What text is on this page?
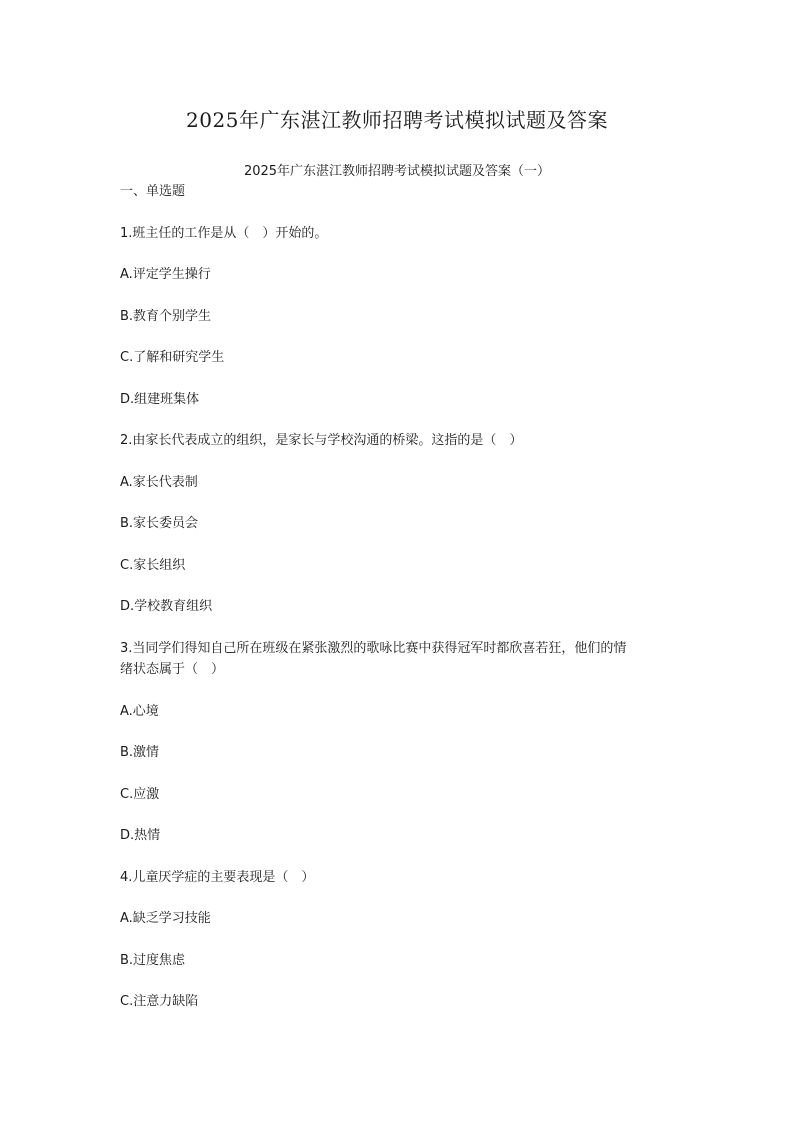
2025年广东湛江教师招聘考试模拟试题及答案
2025年广东湛江教师招聘考试模拟试题及答案（一）
一、单选题
1.班主任的工作是从（　）开始的。
A.评定学生操行
B.教育个别学生
C.了解和研究学生
D.组建班集体
2.由家长代表成立的组织，是家长与学校沟通的桥梁。这指的是（　）
A.家长代表制
B.家长委员会
C.家长组织
D.学校教育组织
3.当同学们得知自己所在班级在紧张激烈的歌咏比赛中获得冠军时都欣喜若狂，他们的情
绪状态属于（　）
A.心境
B.激情
C.应激
D.热情
4.儿童厌学症的主要表现是（　）
A.缺乏学习技能
B.过度焦虑
C.注意力缺陷
